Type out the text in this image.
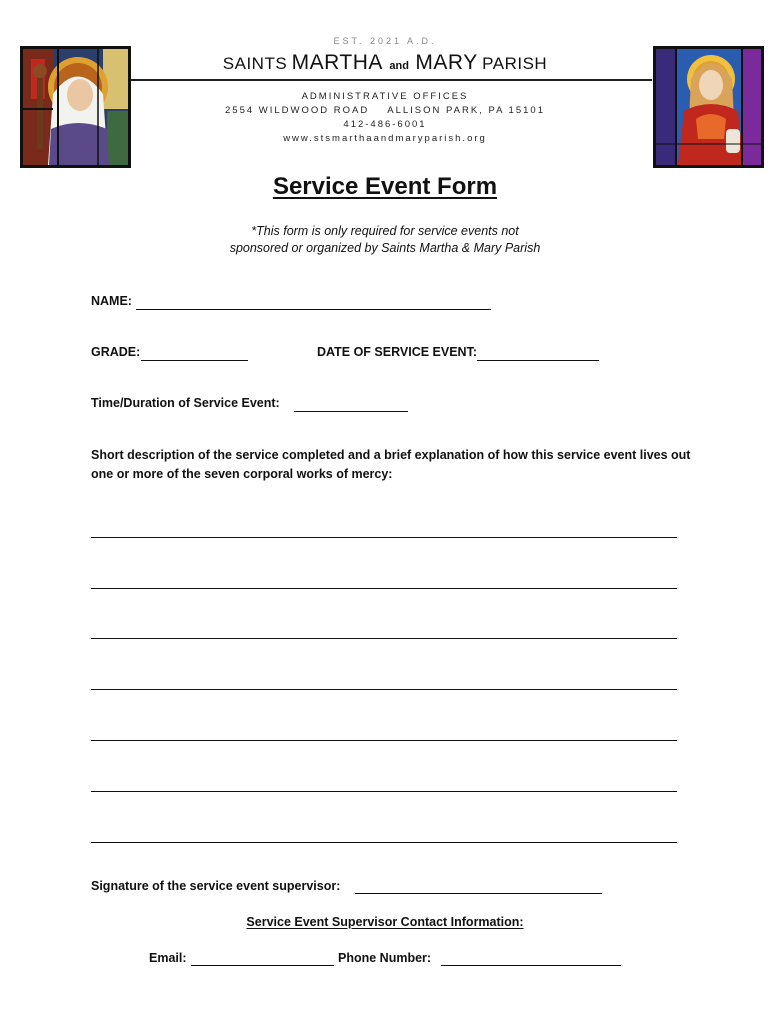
EST. 2021 A.D.
SAINTS MARTHA and MARY PARISH
ADMINISTRATIVE OFFICES
2554 WILDWOOD ROAD    ALLISON PARK, PA 15101
412-486-6001
www.stsmarthaandmaryparish.org
Service Event Form
*This form is only required for service events not
sponsored or organized by Saints Martha & Mary Parish
NAME:
GRADE:	DATE OF SERVICE EVENT:
Time/Duration of Service Event:
Short description of the service completed and a brief explanation of how this service event lives out one or more of the seven corporal works of mercy:
Signature of the service event supervisor:
Service Event Supervisor Contact Information:
Email:	Phone Number:
